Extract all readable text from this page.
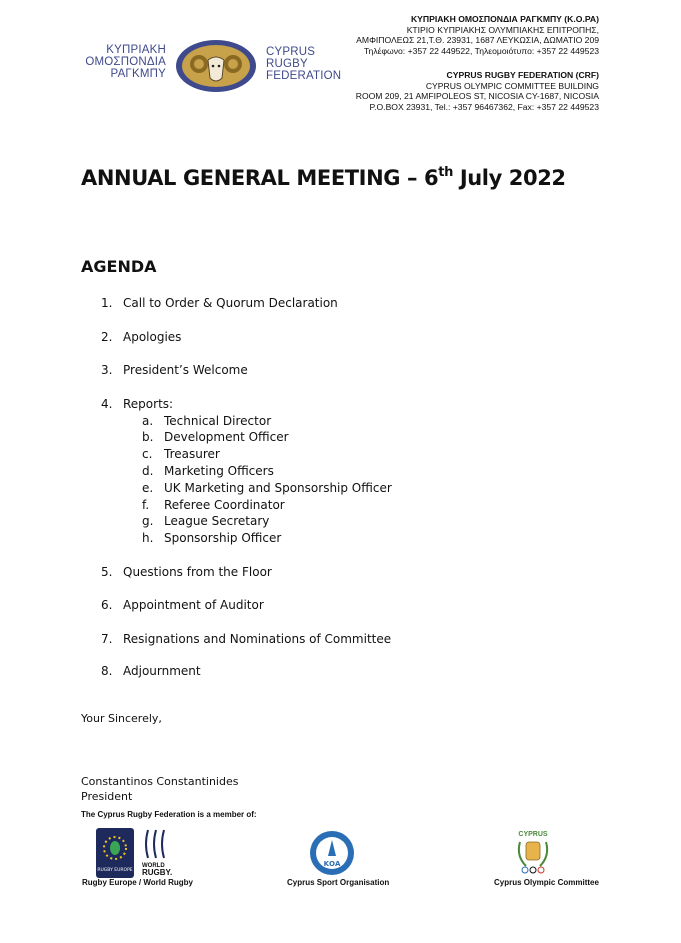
ΚΥΠΡΙΑΚΗ
ΟΜΟΣΠΟΝΔΙΑ
ΡΑΓΚΜΠΥ
CYPRUS
RUGBY
FEDERATION
ΚΥΠΡΙΑΚΗ ΟΜΟΣΠΟΝΔΙΑ ΡΑΓΚΜΠΥ (Κ.Ο.ΡΑ)
ΚΤΙΡΙΟ ΚΥΠΡΙΑΚΗΣ ΟΛΥΜΠΙΑΚΗΣ ΕΠΙΤΡΟΠΗΣ,
ΑΜΦΙΠΟΛΕΩΣ 21,Τ.Θ. 23931, 1687 ΛΕΥΚΩΣΙΑ, ΔΩΜΑΤΙΟ 209
Τηλέφωνο: +357 22 449522, Τηλεομοιότυπο: +357 22 449523
CYPRUS RUGBY FEDERATION (CRF)
CYPRUS OLYMPIC COMMITTEE BUILDING
ROOM 209, 21 AMFIPOLEOS ST, NICOSIA CY-1687, NICOSIA
P.O.BOX 23931, Tel.: +357 96467362, Fax: +357 22 449523
ANNUAL GENERAL MEETING – 6th July 2022
AGENDA
1. Call to Order & Quorum Declaration
2. Apologies
3. President’s Welcome
4. Reports:
a. Technical Director
b. Development Officer
c. Treasurer
d. Marketing Officers
e. UK Marketing and Sponsorship Officer
f. Referee Coordinator
g. League Secretary
h. Sponsorship Officer
5. Questions from the Floor
6. Appointment of Auditor
7. Resignations and Nominations of Committee
8. Adjournment
Your Sincerely,
Constantinos Constantinides
President
The Cyprus Rugby Federation is a member of:
RUGBY EUROPE
WORLD
RUGBY.
Rugby Europe / World Rugby
ΚΟΑ
Cyprus Sport Organisation
CYPRUS
Cyprus Olympic Committee
